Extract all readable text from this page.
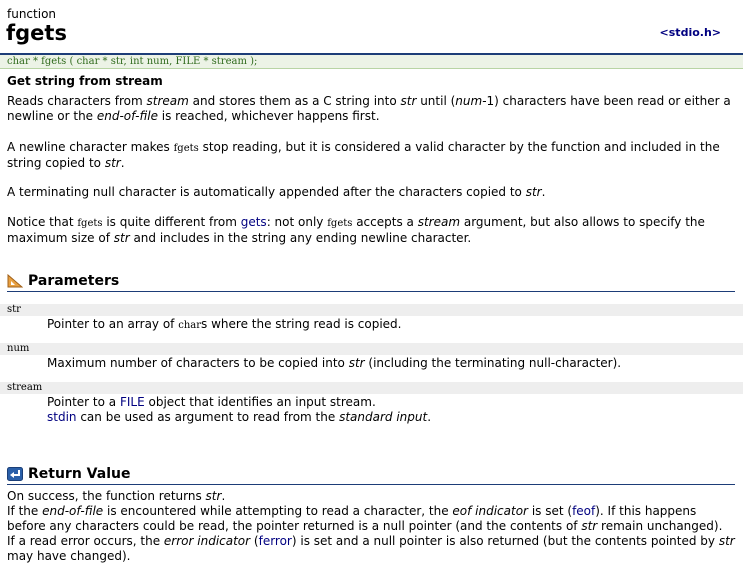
function
fgets	<stdio.h>
char * fgets ( char * str, int num, FILE * stream );
Get string from stream
Reads characters from stream and stores them as a C string into str until (num-1) characters have been read or either a newline or the end-of-file is reached, whichever happens first.
A newline character makes fgets stop reading, but it is considered a valid character by the function and included in the string copied to str.
A terminating null character is automatically appended after the characters copied to str.
Notice that fgets is quite different from gets: not only fgets accepts a stream argument, but also allows to specify the maximum size of str and includes in the string any ending newline character.
Parameters
str
Pointer to an array of chars where the string read is copied.
num
Maximum number of characters to be copied into str (including the terminating null-character).
stream
Pointer to a FILE object that identifies an input stream.
stdin can be used as argument to read from the standard input.
Return Value
On success, the function returns str.
If the end-of-file is encountered while attempting to read a character, the eof indicator is set (feof). If this happens before any characters could be read, the pointer returned is a null pointer (and the contents of str remain unchanged).
If a read error occurs, the error indicator (ferror) is set and a null pointer is also returned (but the contents pointed by str may have changed).
